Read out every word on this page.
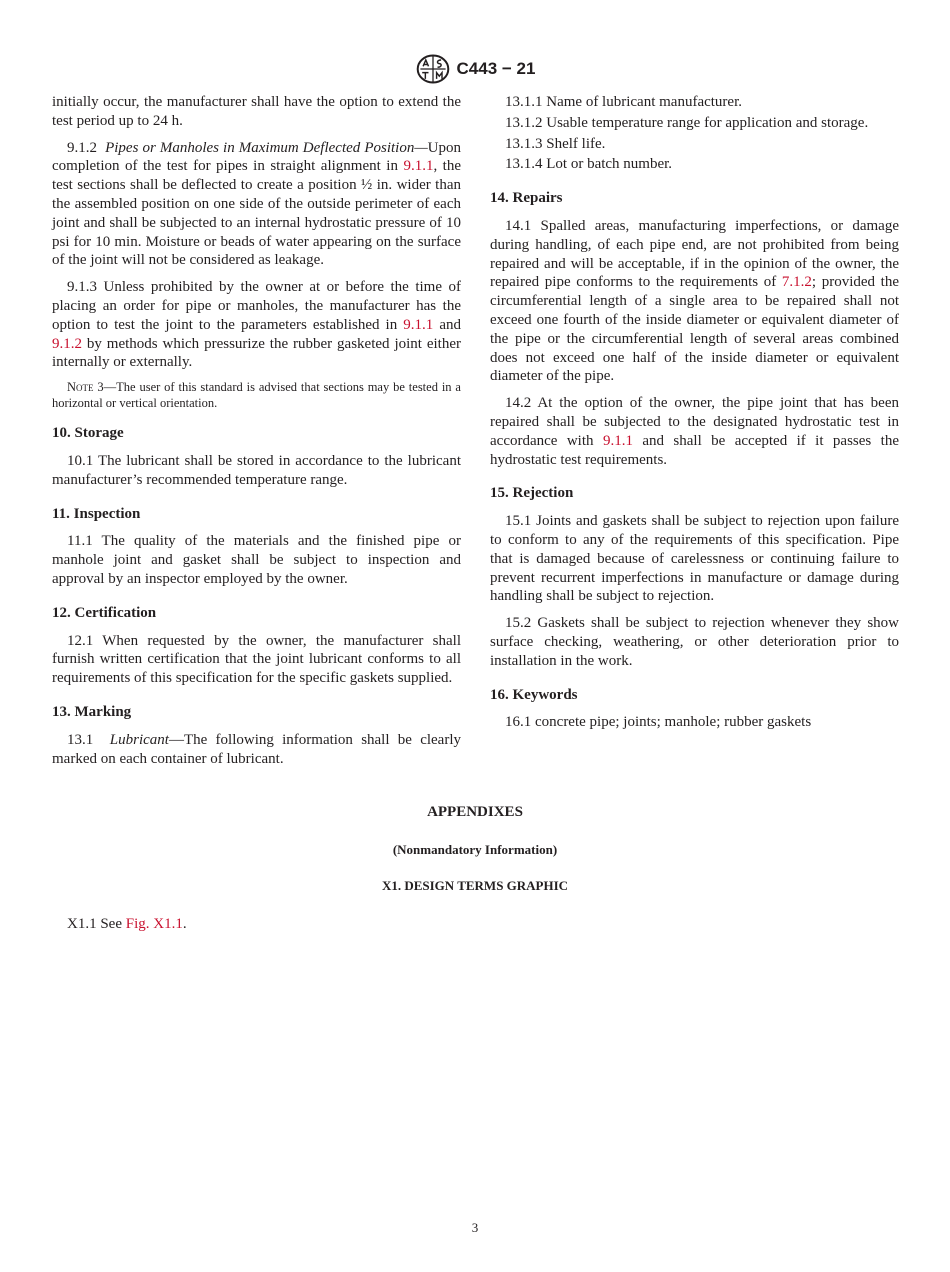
C443 − 21

initially occur, the manufacturer shall have the option to extend the test period up to 24 h.

9.1.2 Pipes or Manholes in Maximum Deflected Position—Upon completion of the test for pipes in straight alignment in 9.1.1, the test sections shall be deflected to create a position ½ in. wider than the assembled position on one side of the outside perimeter of each joint and shall be subjected to an internal hydrostatic pressure of 10 psi for 10 min. Moisture or beads of water appearing on the surface of the joint will not be considered as leakage.

9.1.3 Unless prohibited by the owner at or before the time of placing an order for pipe or manholes, the manufacturer has the option to test the joint to the parameters established in 9.1.1 and 9.1.2 by methods which pressurize the rubber gasketed joint either internally or externally.

Note 3—The user of this standard is advised that sections may be tested in a horizontal or vertical orientation.
10. Storage

10.1 The lubricant shall be stored in accordance to the lubricant manufacturer’s recommended temperature range.

11. Inspection

11.1 The quality of the materials and the finished pipe or manhole joint and gasket shall be subject to inspection and approval by an inspector employed by the owner.

12. Certification

12.1 When requested by the owner, the manufacturer shall furnish written certification that the joint lubricant conforms to all requirements of this specification for the specific gaskets supplied.

13. Marking

13.1 Lubricant—The following information shall be clearly marked on each container of lubricant.

13.1.1 Name of lubricant manufacturer.

13.1.2 Usable temperature range for application and storage.

13.1.3 Shelf life.

13.1.4 Lot or batch number.

14. Repairs

14.1 Spalled areas, manufacturing imperfections, or damage during handling, of each pipe end, are not prohibited from being repaired and will be acceptable, if in the opinion of the owner, the repaired pipe conforms to the requirements of 7.1.2; provided the circumferential length of a single area to be repaired shall not exceed one fourth of the inside diameter or equivalent diameter of the pipe or the circumferential length of several areas combined does not exceed one half of the inside diameter or equivalent diameter of the pipe.

14.2 At the option of the owner, the pipe joint that has been repaired shall be subjected to the designated hydrostatic test in accordance with 9.1.1 and shall be accepted if it passes the hydrostatic test requirements.

15. Rejection

15.1 Joints and gaskets shall be subject to rejection upon failure to conform to any of the requirements of this specification. Pipe that is damaged because of carelessness or continuing failure to prevent recurrent imperfections in manufacture or damage during handling shall be subject to rejection.

15.2 Gaskets shall be subject to rejection whenever they show surface checking, weathering, or other deterioration prior to installation in the work.

16. Keywords

16.1 concrete pipe; joints; manhole; rubber gaskets

APPENDIXES
(Nonmandatory Information)
X1. DESIGN TERMS GRAPHIC
X1.1 See Fig. X1.1.
3
